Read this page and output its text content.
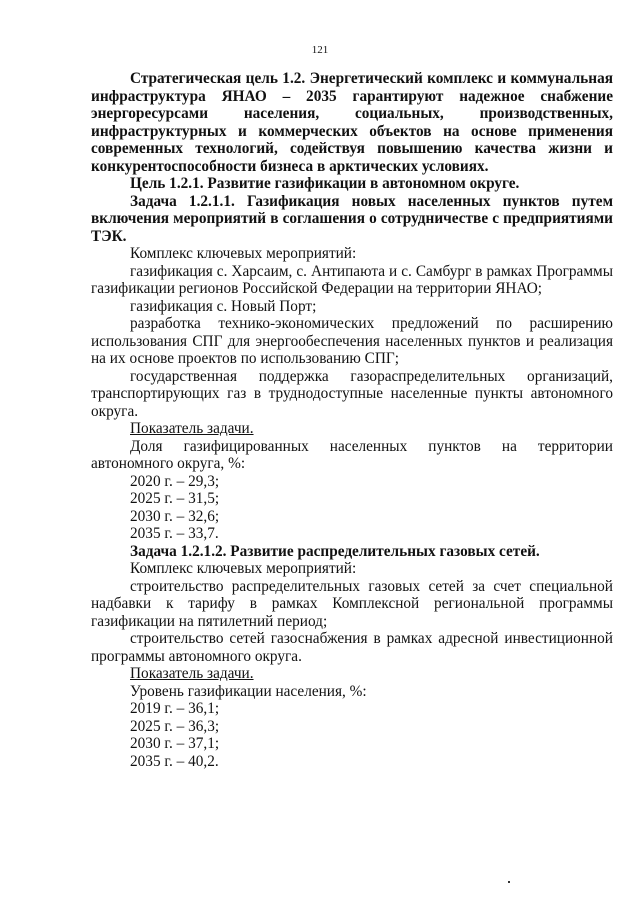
121

Стратегическая цель 1.2. Энергетический комплекс и коммунальная инфраструктура ЯНАО – 2035 гарантируют надежное снабжение энергоресурсами населения, социальных, производственных, инфраструктурных и коммерческих объектов на основе применения современных технологий, содействуя повышению качества жизни и конкурентоспособности бизнеса в арктических условиях.

Цель 1.2.1. Развитие газификации в автономном округе.

Задача 1.2.1.1. Газификация новых населенных пунктов путем включения мероприятий в соглашения о сотрудничестве с предприятиями ТЭК.

Комплекс ключевых мероприятий:

газификация с. Харсаим, с. Антипаюта и с. Самбург в рамках Программы газификации регионов Российской Федерации на территории ЯНАО;

газификация с. Новый Порт;

разработка технико-экономических предложений по расширению использования СПГ для энергообеспечения населенных пунктов и реализация на их основе проектов по использованию СПГ;

государственная поддержка газораспределительных организаций, транспортирующих газ в труднодоступные населенные пункты автономного округа.

Показатель задачи.

Доля газифицированных населенных пунктов на территории автономного округа, %:

2020 г. – 29,3;

2025 г. – 31,5;

2030 г. – 32,6;

2035 г. – 33,7.

Задача 1.2.1.2. Развитие распределительных газовых сетей.

Комплекс ключевых мероприятий:

строительство распределительных газовых сетей за счет специальной надбавки к тарифу в рамках Комплексной региональной программы газификации на пятилетний период;

строительство сетей газоснабжения в рамках адресной инвестиционной программы автономного округа.

Показатель задачи.

Уровень газификации населения, %:

2019 г. – 36,1;

2025 г. – 36,3;

2030 г. – 37,1;

2035 г. – 40,2.
